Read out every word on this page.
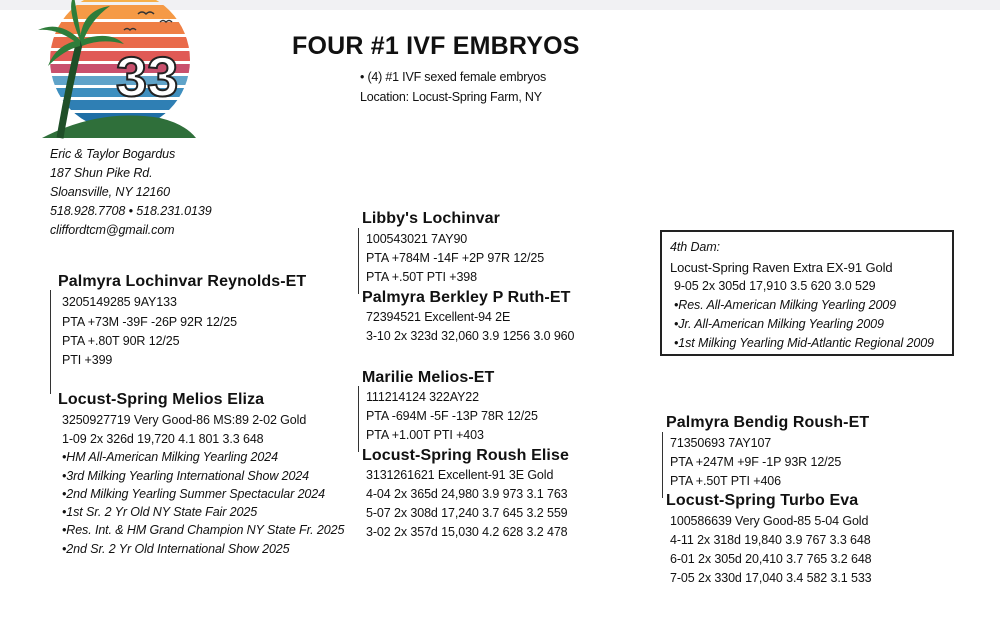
33	FOUR #1 IVF EMBRYOS
• (4) #1 IVF sexed female embryos
Location: Locust-Spring Farm, NY
Eric & Taylor Bogardus
187 Shun Pike Rd.
Sloansville, NY 12160
518.928.7708 • 518.231.0139
cliffordtcm@gmail.com
Palmyra Lochinvar Reynolds-ET
3205149285 9AY133
PTA +73M -39F -26P 92R 12/25
PTA +.80T 90R 12/25
PTI +399
Locust-Spring Melios Eliza
3250927719 Very Good-86 MS:89 2-02 Gold
1-09 2x 326d 19,720 4.1 801 3.3 648
•HM All-American Milking Yearling 2024
•3rd Milking Yearling International Show 2024
•2nd Milking Yearling Summer Spectacular 2024
•1st Sr. 2 Yr Old NY State Fair 2025
•Res. Int. & HM Grand Champion NY State Fr. 2025
•2nd Sr. 2 Yr Old International Show 2025
Libby's Lochinvar
100543021 7AY90
PTA +784M -14F +2P 97R 12/25
PTA +.50T PTI +398
Palmyra Berkley P Ruth-ET
72394521 Excellent-94 2E
3-10 2x 323d 32,060 3.9 1256 3.0 960
Marilie Melios-ET
111214124 322AY22
PTA -694M -5F -13P 78R 12/25
PTA +1.00T PTI +403
Locust-Spring Roush Elise
3131261621 Excellent-91 3E Gold
4-04 2x 365d 24,980 3.9 973 3.1 763
5-07 2x 308d 17,240 3.7 645 3.2 559
3-02 2x 357d 15,030 4.2 628 3.2 478
4th Dam:
Locust-Spring Raven Extra EX-91 Gold
9-05 2x 305d 17,910 3.5 620 3.0 529
•Res. All-American Milking Yearling 2009
•Jr. All-American Milking Yearling 2009
•1st Milking Yearling Mid-Atlantic Regional 2009
Palmyra Bendig Roush-ET
71350693 7AY107
PTA +247M +9F -1P 93R 12/25
PTA +.50T PTI +406
Locust-Spring Turbo Eva
100586639 Very Good-85 5-04 Gold
4-11 2x 318d 19,840 3.9 767 3.3 648
6-01 2x 305d 20,410 3.7 765 3.2 648
7-05 2x 330d 17,040 3.4 582 3.1 533
